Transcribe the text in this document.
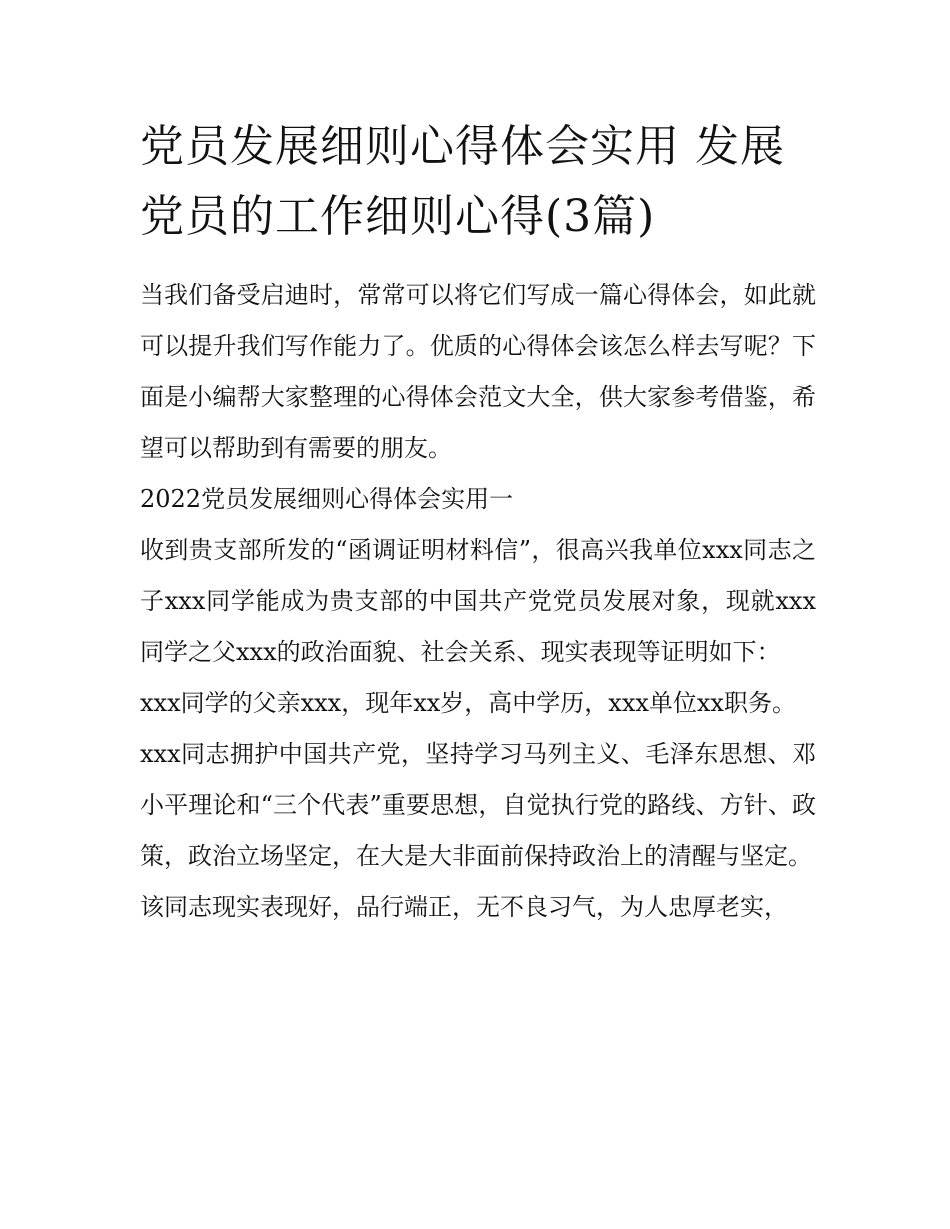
党员发展细则心得体会实用 发展党员的工作细则心得(3篇)

当我们备受启迪时，常常可以将它们写成一篇心得体会，如此就可以提升我们写作能力了。优质的心得体会该怎么样去写呢？下面是小编帮大家整理的心得体会范文大全，供大家参考借鉴，希望可以帮助到有需要的朋友。

2022党员发展细则心得体会实用一

收到贵支部所发的“函调证明材料信”，很高兴我单位xxx同志之子xxx同学能成为贵支部的中国共产党党员发展对象，现就xxx同学之父xxx的政治面貌、社会关系、现实表现等证明如下：

xxx同学的父亲xxx，现年xx岁，高中学历，xxx单位xx职务。

xxx同志拥护中国共产党，坚持学习马列主义、毛泽东思想、邓小平理论和“三个代表”重要思想，自觉执行党的路线、方针、政策，政治立场坚定，在大是大非面前保持政治上的清醒与坚定。

该同志现实表现好，品行端正，无不良习气，为人忠厚老实，
